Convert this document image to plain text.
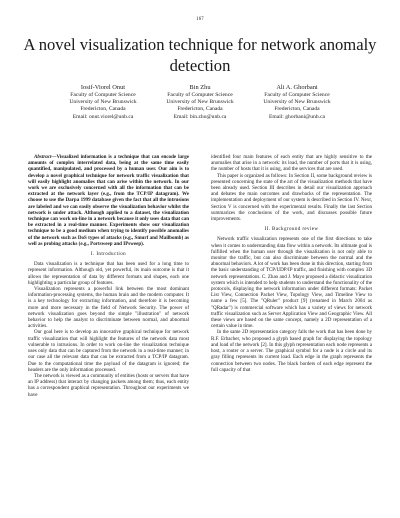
167
A novel visualization technique for network anomaly detection
Iosif-Viorel Onut
Faculty of Computer Science
University of New Brunswick
Fredericton, Canada
Email: onut.viorel@unb.ca
Bin Zhu
Faculty of Computer Science
University of New Brunswick
Fredericton, Canada
Email: bin.zhu@unb.ca
Ali A. Ghorbani
Faculty of Computer Science
University of New Brunswick
Fredericton, Canada
Email: ghorbani@unb.ca

Abstract—Visualized information is a technique that can encode large amounts of complex interrelated data, being at the same time easily quantified, manipulated, and processed by a human user. Our aim is to develop a novel graphical technique for network traffic visualization that will easily highlight anomalies that can arise within the network. In our work we are exclusively concerned with all the information that can be extracted at the network layer (e.g., from the TCP/IP datagram). We choose to use the Darpa 1999 database given the fact that all the intrusions are labeled and we can easily observe the visualization behavior whilst the network is under attack. Although applied to a dataset, the visualization technique can work on-line in a network because it only uses data that can be extracted in a real-time manner. Experiments show our visualization technique to be a good medium when trying to identify possible anomalies of the network such as DoS types of attacks (e.g., Smurf and Mailbomb) as well as probing attacks (e.g., Portsweep and IPsweep).

I. Introduction

Data visualization is a technique that has been used for a long time to represent information. Although old, yet powerful, its main outcome is that it allows the representation of data by different formats and shapes, each one highlighting a particular group of features.

Visualization represents a powerful link between the most dominant information-processing systems, the human brain and the modern computer. It is a key technology for extracting information, and therefore it is becoming more and more necessary in the field of Network Security. The power of network visualization goes beyond the simple "illustration" of network behavior to help the analyst to discriminate between normal, and abnormal activities.

Our goal here is to develop an innovative graphical technique for network traffic visualization that will highlight the features of the network data most vulnerable to intrusions. In order to work on-line the visualization technique uses only data that can be captured from the network in a real-time manner; in our case all the relevant data that can be extracted from a TCP/IP datagram. Due to the computational time the payload of the datagram is ignored; the headers are the only information processed.

The network is viewed as a community of entities (hosts or servers that have an IP address) that interact by changing packets among them; thus, each entity has a correspondent graphical representation. Throughout our experiments we have

identified four main features of each entity that are highly sensitive to the anomalies that arise in a network: its load, the number of ports that it is using, the number of hosts that it is using, and the services that are used.

This paper is organized as follows: In Section II, some background review is presented concerning the state of the art of the visualization methods that have been already used. Section III describes in detail our visualization approach and debates the main outcomes and drawbacks of the representation. The implementation and deployment of our system is described in Section IV. Next, Section V is concerned with the experimental results. Finally the last Section summarizes the conclusions of the work, and discusses possible future improvements.

II. Background review

Network traffic visualization represents one of the first directions to take when it comes to understanding data flow within a network. Its ultimate goal is fulfilled when the human user through the visualization is not only able to monitor the traffic, but can also discriminate between the normal and the abnormal behaviors. A lot of work has been done in this direction, starting from the basic understanding of TCP/UDP/IP traffic, and finishing with complex 3D network representations. C. Zhao and J. Mayo proposed a didactic visualization system which is intended to help students to understand the functionality of the protocols, displaying the network information under different formats: Packet List View, Connection Packet View, Topology View, and Timeline View to name a few [5]. The "QRuler" product [9] (renamed in March 2004 as "QRadar") is commercial software which has a variety of views for network traffic visualization such as Server Application View and Geographic View. All these views are based on the same concept, namely a 2D representation of a certain value in time.

In the same 2D representation category falls the work that has been done by R.F. Erbacher, who proposed a glyph based graph for displaying the topology and load of the network [2]. In this glyph representation each node represents a host, a router or a server. The graphical symbol for a node is a circle and its gray filling represents its current load. Each edge in the graph represents the connection between two nodes. The black borders of each edge represent the full capacity of that
